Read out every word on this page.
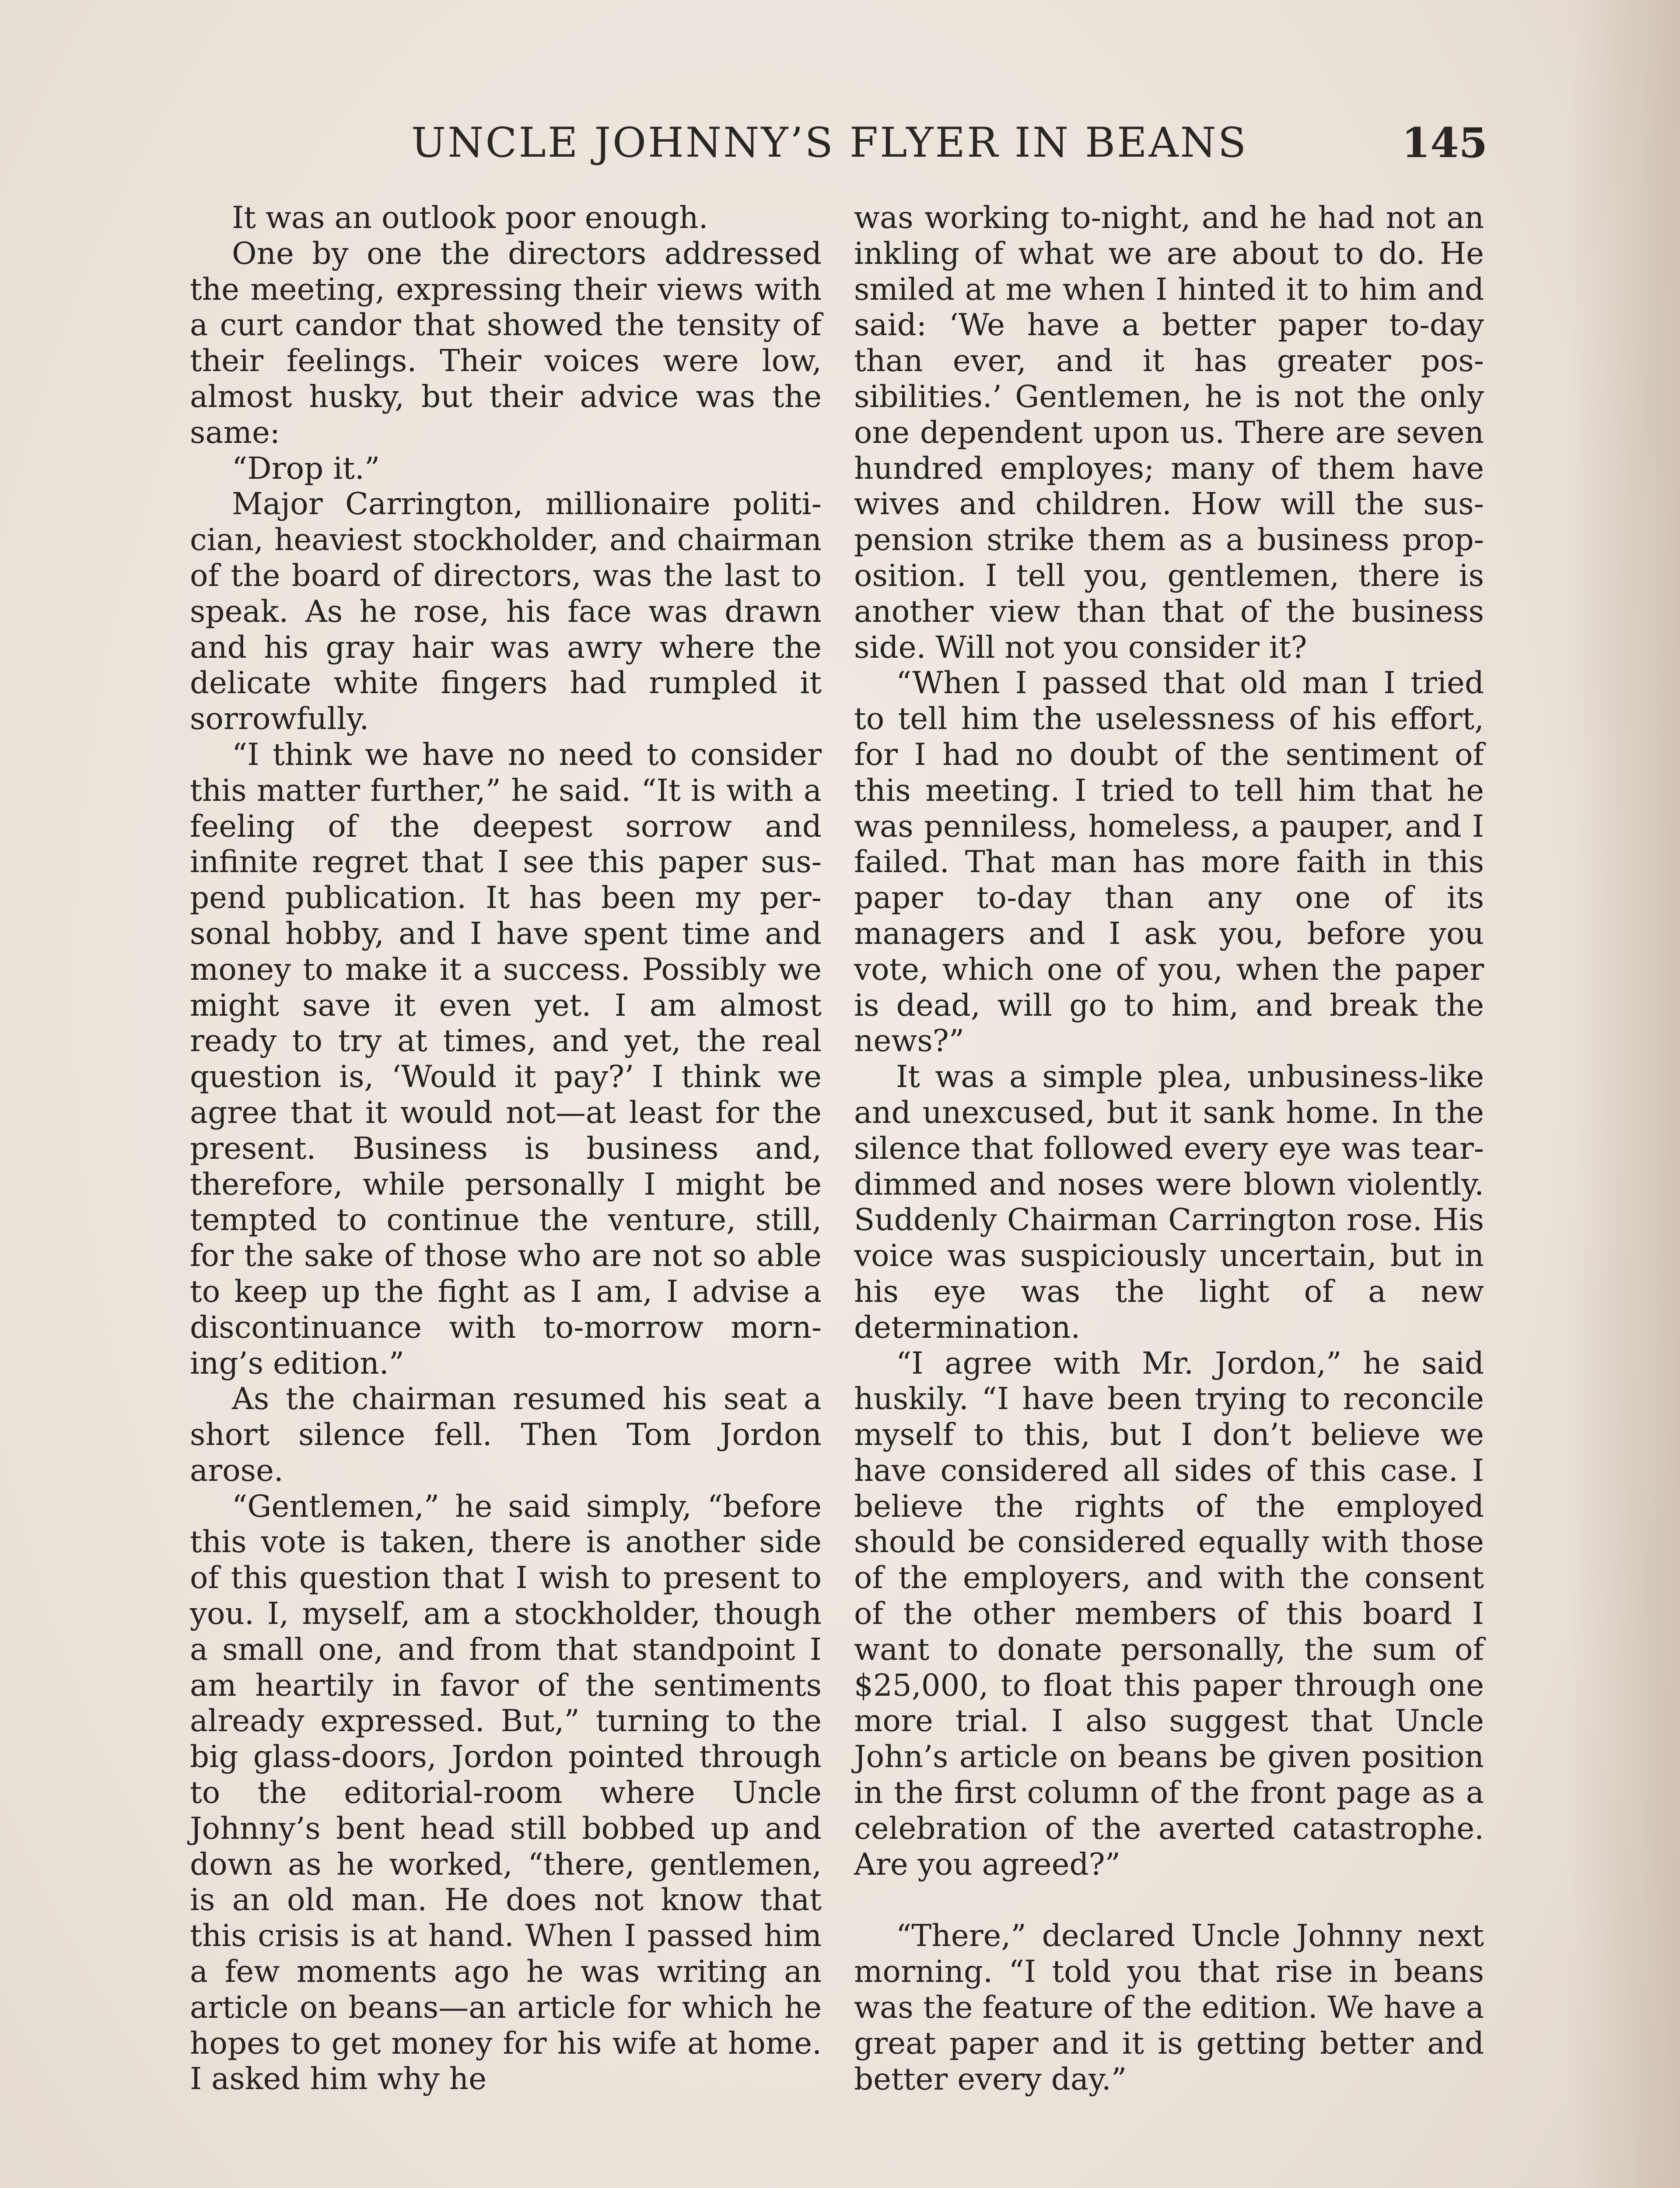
UNCLE JOHNNY’S FLYER IN BEANS	145

It was an outlook poor enough.

One by one the directors addressed the meeting, expressing their views with a curt candor that showed the tensity of their feelings. Their voices were low, almost husky, but their advice was the same:

“Drop it.”

Major Carrington, millionaire politician, heaviest stockholder, and chairman of the board of directors, was the last to speak. As he rose, his face was drawn and his gray hair was awry where the delicate white fingers had rumpled it sorrowfully.

“I think we have no need to consider this matter further,” he said. “It is with a feeling of the deepest sorrow and infinite regret that I see this paper suspend publication. It has been my personal hobby, and I have spent time and money to make it a success. Possibly we might save it even yet. I am almost ready to try at times, and yet, the real question is, ‘Would it pay?’ I think we agree that it would not—at least for the present. Business is business and, therefore, while personally I might be tempted to continue the venture, still, for the sake of those who are not so able to keep up the fight as I am, I advise a discontinuance with to-morrow morning’s edition.”

As the chairman resumed his seat a short silence fell. Then Tom Jordon arose.

“Gentlemen,” he said simply, “before this vote is taken, there is another side of this question that I wish to present to you. I, myself, am a stockholder, though a small one, and from that standpoint I am heartily in favor of the sentiments already expressed. But,” turning to the big glass-doors, Jordon pointed through to the editorial-room where Uncle Johnny’s bent head still bobbed up and down as he worked, “there, gentlemen, is an old man. He does not know that this crisis is at hand. When I passed him a few moments ago he was writing an article on beans—an article for which he hopes to get money for his wife at home. I asked him why he

was working to-night, and he had not an inkling of what we are about to do. He smiled at me when I hinted it to him and said: ‘We have a better paper to-day than ever, and it has greater possibilities.’ Gentlemen, he is not the only one dependent upon us. There are seven hundred employes; many of them have wives and children. How will the suspension strike them as a business proposition. I tell you, gentlemen, there is another view than that of the business side. Will not you consider it?

“When I passed that old man I tried to tell him the uselessness of his effort, for I had no doubt of the sentiment of this meeting. I tried to tell him that he was penniless, homeless, a pauper, and I failed. That man has more faith in this paper to-day than any one of its managers and I ask you, before you vote, which one of you, when the paper is dead, will go to him, and break the news?”

It was a simple plea, unbusiness-like and unexcused, but it sank home. In the silence that followed every eye was tear-dimmed and noses were blown violently. Suddenly Chairman Carrington rose. His voice was suspiciously uncertain, but in his eye was the light of a new determination.

“I agree with Mr. Jordon,” he said huskily. “I have been trying to reconcile myself to this, but I don’t believe we have considered all sides of this case. I believe the rights of the employed should be considered equally with those of the employers, and with the consent of the other members of this board I want to donate personally, the sum of $25,000, to float this paper through one more trial. I also suggest that Uncle John’s article on beans be given position in the first column of the front page as a celebration of the averted catastrophe. Are you agreed?”

“There,” declared Uncle Johnny next morning. “I told you that rise in beans was the feature of the edition. We have a great paper and it is getting better and better every day.”
